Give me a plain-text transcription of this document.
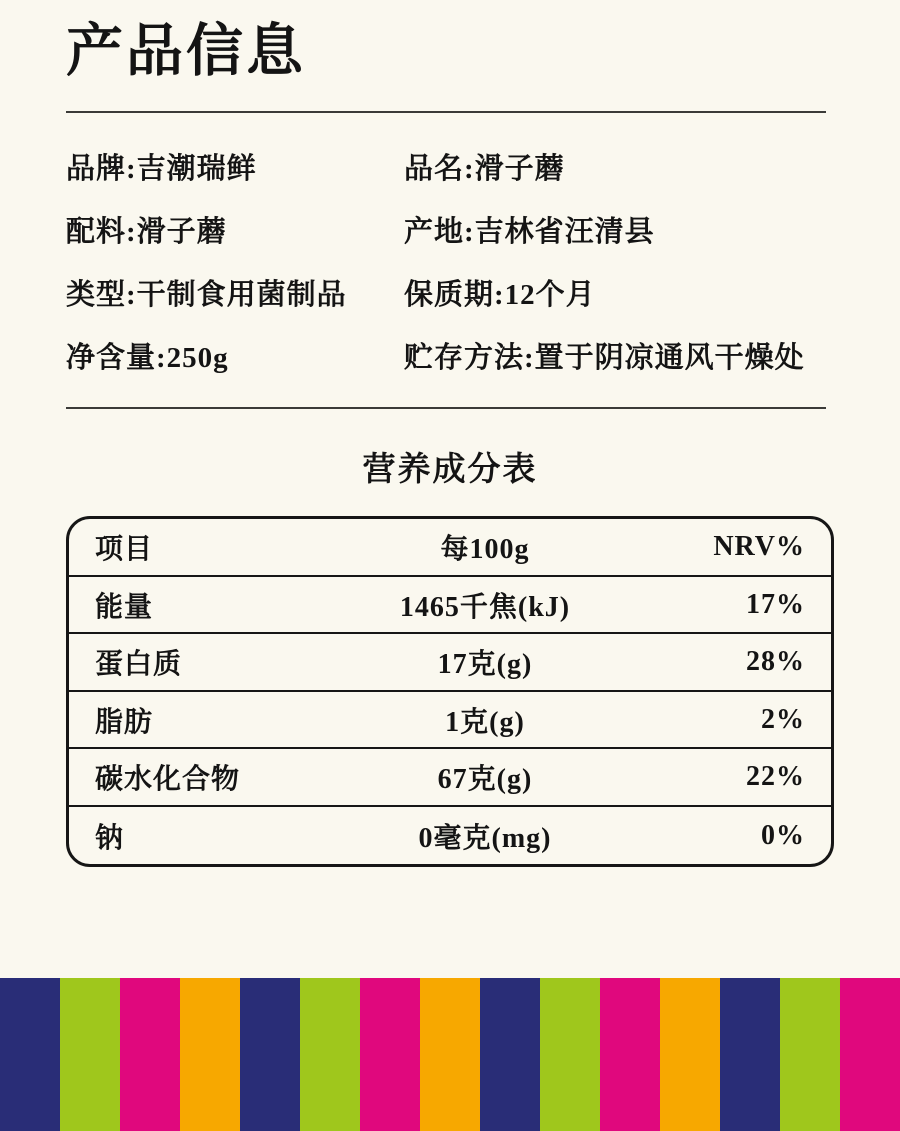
产品信息
品牌:吉潮瑞鲜	品名:滑子蘑
配料:滑子蘑	产地:吉林省汪清县
类型:干制食用菌制品	保质期:12个月
净含量:250g	贮存方法:置于阴凉通风干燥处
营养成分表
项目	每100g	NRV%
能量	1465千焦(kJ)	17%
蛋白质	17克(g)	28%
脂肪	1克(g)	2%
碳水化合物	67克(g)	22%
钠	0毫克(mg)	0%
